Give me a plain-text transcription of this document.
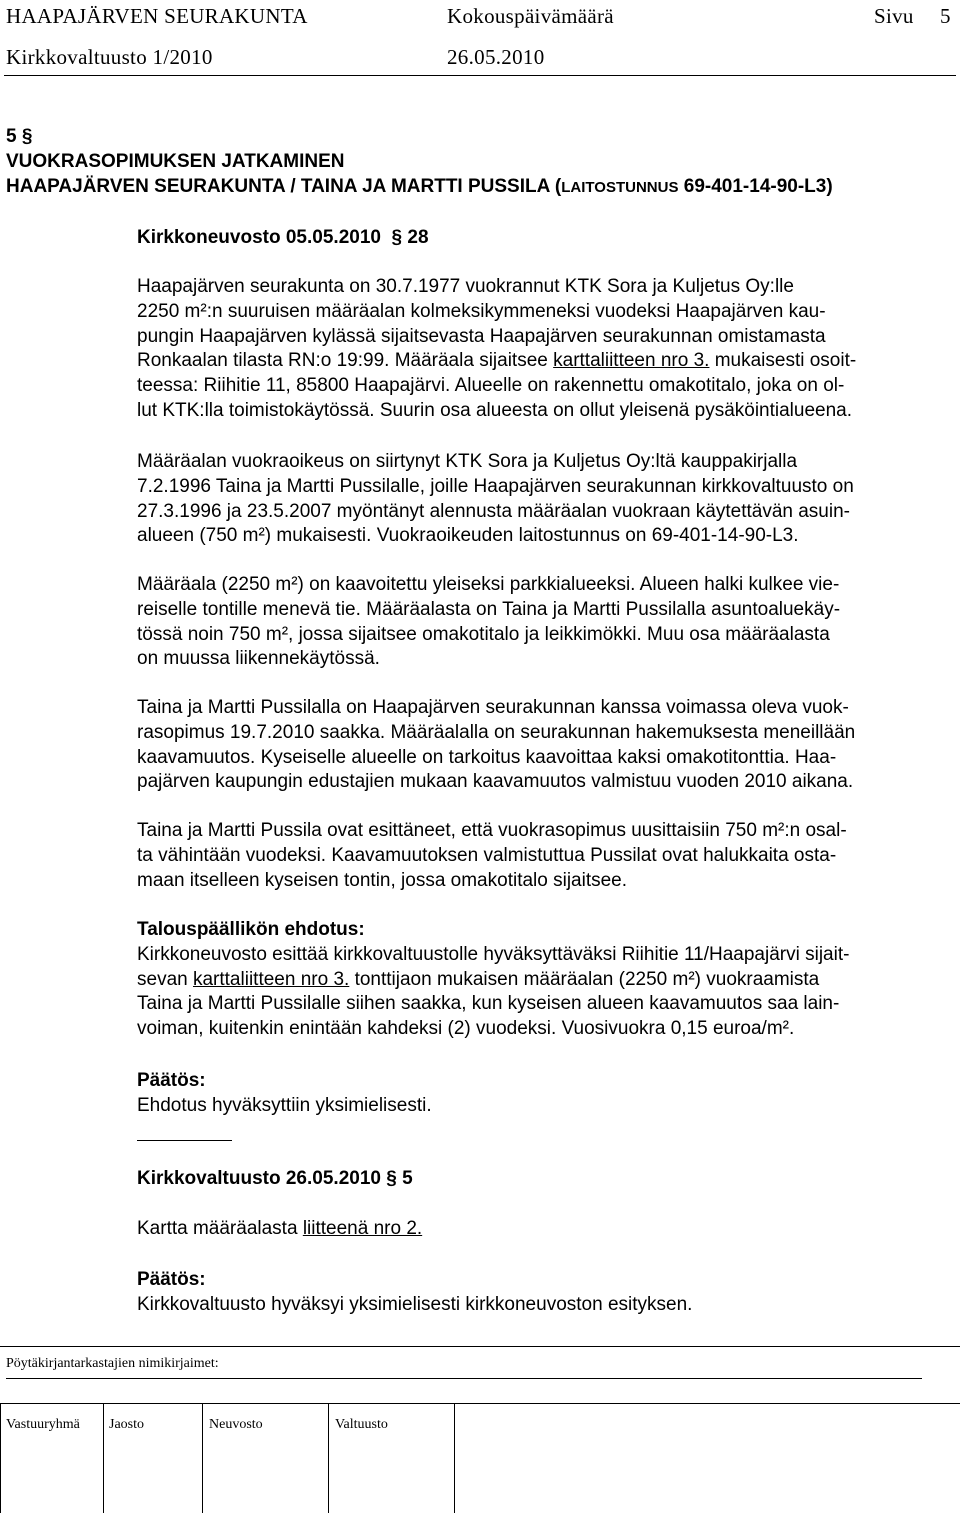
HAAPAJÄRVEN SEURAKUNTA	Kokouspäivämäärä	Sivu 5
Kirkkovaltuusto 1/2010	26.05.2010
5 §
VUOKRASOPIMUKSEN JATKAMINEN
HAAPAJÄRVEN SEURAKUNTA / TAINA JA MARTTI PUSSILA (LAITOSTUNNUS 69-401-14-90-L3)
Kirkkoneuvosto 05.05.2010  § 28
Haapajärven seurakunta on 30.7.1977 vuokrannut KTK Sora ja Kuljetus Oy:lle
2250 m²:n suuruisen määräalan kolmeksikymmeneksi vuodeksi Haapajärven kau-
pungin Haapajärven kylässä sijaitsevasta Haapajärven seurakunnan omistamasta
Ronkaalan tilasta RN:o 19:99. Määräala sijaitsee karttaliitteen nro 3. mukaisesti osoit-
teessa: Riihitie 11, 85800 Haapajärvi. Alueelle on rakennettu omakotitalo, joka on ol-
lut KTK:lla toimistokäytössä. Suurin osa alueesta on ollut yleisenä pysäköintialueena.
Määräalan vuokraoikeus on siirtynyt KTK Sora ja Kuljetus Oy:ltä kauppakirjalla
7.2.1996 Taina ja Martti Pussilalle, joille Haapajärven seurakunnan kirkkovaltuusto on
27.3.1996 ja 23.5.2007 myöntänyt alennusta määräalan vuokraan käytettävän asuin-
alueen (750 m²) mukaisesti. Vuokraoikeuden laitostunnus on 69-401-14-90-L3.
Määräala (2250 m²) on kaavoitettu yleiseksi parkkialueeksi. Alueen halki kulkee vie-
reiselle tontille menevä tie. Määräalasta on Taina ja Martti Pussilalla asuntoaluekäy-
tössä noin 750 m², jossa sijaitsee omakotitalo ja leikkimökki. Muu osa määräalasta
on muussa liikennekäytössä.
Taina ja Martti Pussilalla on Haapajärven seurakunnan kanssa voimassa oleva vuok-
rasopimus 19.7.2010 saakka. Määräalalla on seurakunnan hakemuksesta meneillään
kaavamuutos. Kyseiselle alueelle on tarkoitus kaavoittaa kaksi omakotitonttia. Haa-
pajärven kaupungin edustajien mukaan kaavamuutos valmistuu vuoden 2010 aikana.
Taina ja Martti Pussila ovat esittäneet, että vuokrasopimus uusittaisiin 750 m²:n osal-
ta vähintään vuodeksi. Kaavamuutoksen valmistuttua Pussilat ovat halukkaita osta-
maan itselleen kyseisen tontin, jossa omakotitalo sijaitsee.
Talouspäällikön ehdotus:
Kirkkoneuvosto esittää kirkkovaltuustolle hyväksyttäväksi Riihitie 11/Haapajärvi sijait-
sevan karttaliitteen nro 3. tonttijaon mukaisen määräalan (2250 m²) vuokraamista
Taina ja Martti Pussilalle siihen saakka, kun kyseisen alueen kaavamuutos saa lain-
voiman, kuitenkin enintään kahdeksi (2) vuodeksi. Vuosivuokra 0,15 euroa/m².
Päätös:
Ehdotus hyväksyttiin yksimielisesti.
Kirkkovaltuusto 26.05.2010 § 5
Kartta määräalasta liitteenä nro 2.
Päätös:
Kirkkovaltuusto hyväksyi yksimielisesti kirkkoneuvoston esityksen.
Pöytäkirjantarkastajien nimikirjaimet:
Vastuuryhmä Jaosto	Neuvosto	Valtuusto
